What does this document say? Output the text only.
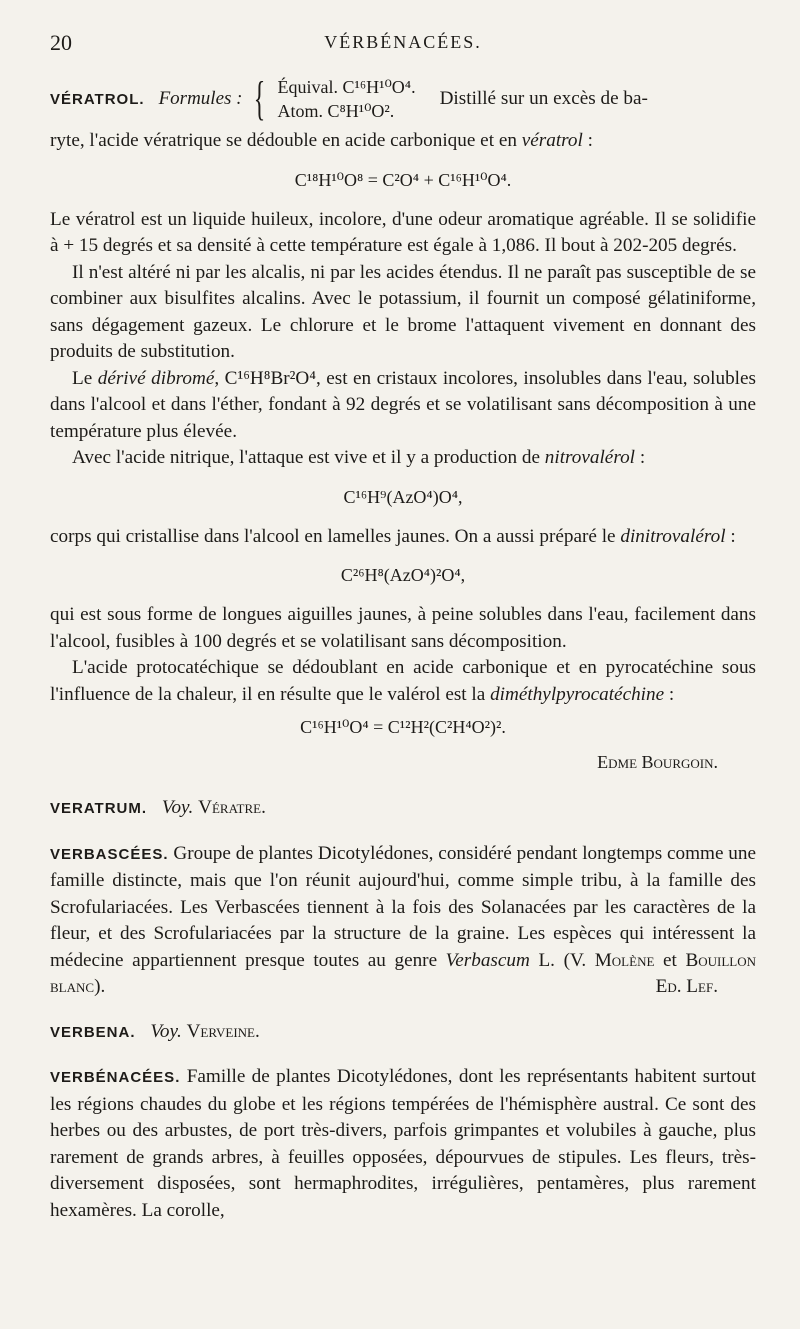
20	VÉRBÉNACÉES.
VÉRATROL. Formules : { Équival. C¹⁶H¹⁰O⁴.
Atom. C⁸H¹⁰O².
Distillé sur un excès de ba-

ryte, l'acide vératrique se dédouble en acide carbonique et en vératrol :

C¹⁸H¹⁰O⁸ = C²O⁴ + C¹⁶H¹⁰O⁴.

Le vératrol est un liquide huileux, incolore, d'une odeur aromatique agréable. Il se solidifie à + 15 degrés et sa densité à cette température est égale à 1,086. Il bout à 202-205 degrés.

Il n'est altéré ni par les alcalis, ni par les acides étendus. Il ne paraît pas susceptible de se combiner aux bisulfites alcalins. Avec le potassium, il fournit un composé gélatiniforme, sans dégagement gazeux. Le chlorure et le brome l'attaquent vivement en donnant des produits de substitution.

Le dérivé dibromé, C¹⁶H⁸Br²O⁴, est en cristaux incolores, insolubles dans l'eau, solubles dans l'alcool et dans l'éther, fondant à 92 degrés et se volatilisant sans décomposition à une température plus élevée.

Avec l'acide nitrique, l'attaque est vive et il y a production de nitrovalérol :

C¹⁶H⁹(AzO⁴)O⁴,

corps qui cristallise dans l'alcool en lamelles jaunes. On a aussi préparé le dinitrovalérol :

C²⁶H⁸(AzO⁴)²O⁴,

qui est sous forme de longues aiguilles jaunes, à peine solubles dans l'eau, facilement dans l'alcool, fusibles à 100 degrés et se volatilisant sans décomposition.

L'acide protocatéchique se dédoublant en acide carbonique et en pyrocatéchine sous l'influence de la chaleur, il en résulte que le valérol est la diméthylpyrocatéchine :

C¹⁶H¹⁰O⁴ = C¹²H²(C²H⁴O²)².
Edme Bourgoin.

VERATRUM. Voy. Vératre.

VERBASCÉES. Groupe de plantes Dicotylédones, considéré pendant longtemps comme une famille distincte, mais que l'on réunit aujourd'hui, comme simple tribu, à la famille des Scrofulariacées. Les Verbascées tiennent à la fois des Solanacées par les caractères de la fleur, et des Scrofulariacées par la structure de la graine. Les espèces qui intéressent la médecine appartiennent presque toutes au genre Verbascum L. (V. Molène et Bouillon blanc).	Ed. Lef.

VERBENA. Voy. Verveine.

VERBÉNACÉES. Famille de plantes Dicotylédones, dont les représentants habitent surtout les régions chaudes du globe et les régions tempérées de l'hémisphère austral. Ce sont des herbes ou des arbustes, de port très-divers, parfois grimpantes et volubiles à gauche, plus rarement de grands arbres, à feuilles opposées, dépourvues de stipules. Les fleurs, très-diversement disposées, sont hermaphrodites, irrégulières, pentamères, plus rarement hexamères. La corolle,
